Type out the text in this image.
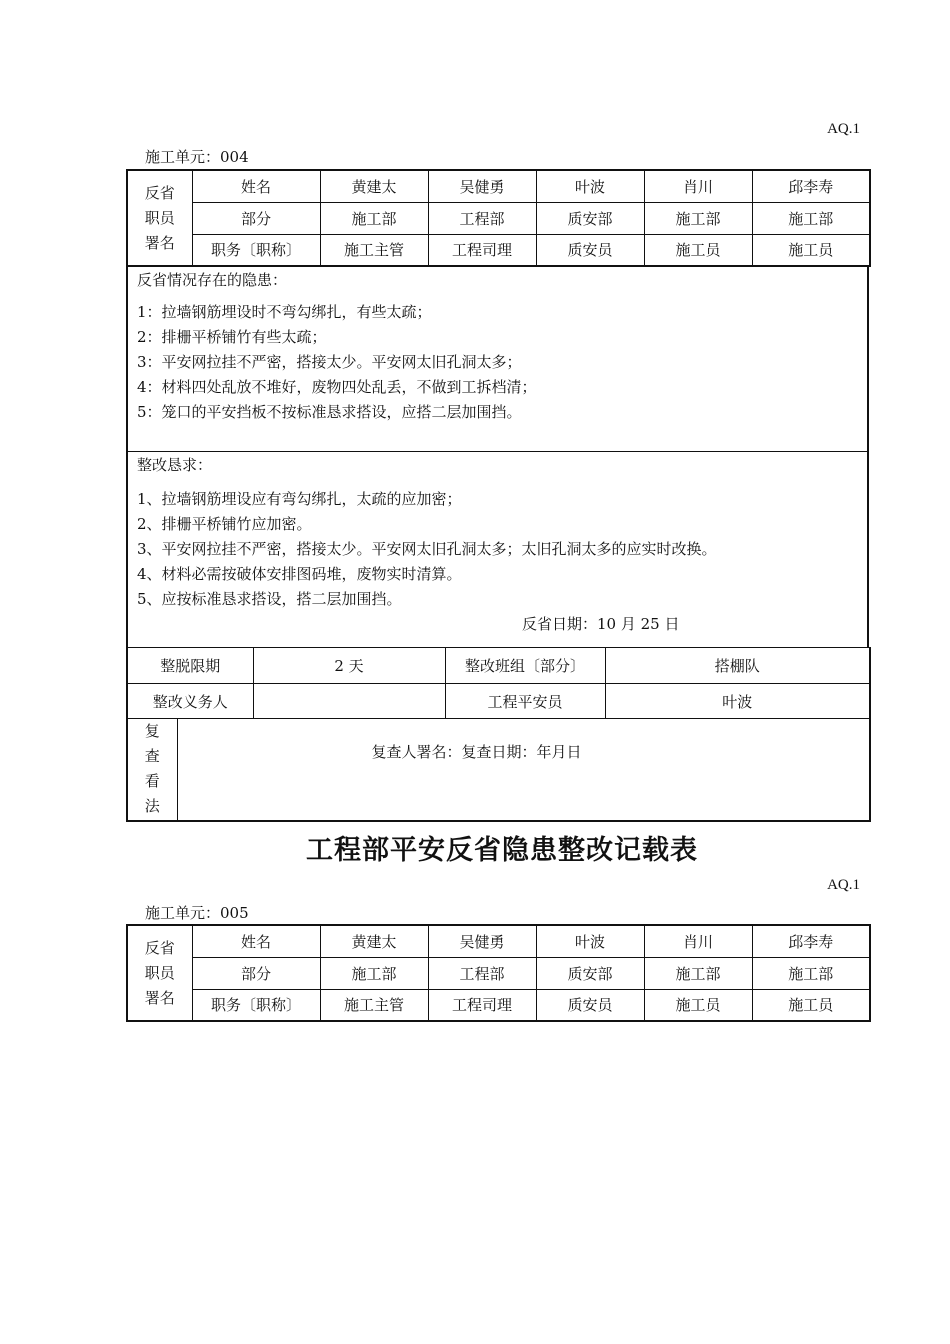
AQ.1
施工单元：004
反省
职员
署名	姓名	黄建太	吴健勇	叶波	肖川	邱李寿
	部分	施工部	工程部	质安部	施工部	施工部
	职务〔职称〕	施工主管	工程司理	质安员	施工员	施工员

反省情况存在的隐患：

1：拉墙钢筋埋设时不弯勾绑扎，有些太疏；

2：排栅平桥铺竹有些太疏；

3：平安网拉挂不严密，搭接太少。平安网太旧孔洞太多；

4：材料四处乱放不堆好，废物四处乱丢，不做到工拆档清；

5：笼口的平安挡板不按标准恳求搭设，应搭二层加围挡。

整改恳求：

1、拉墙钢筋埋设应有弯勾绑扎，太疏的应加密；

2、排栅平桥铺竹应加密。

3、平安网拉挂不严密，搭接太少。平安网太旧孔洞太多；太旧孔洞太多的应实时改换。

4、材料必需按破体安排图码堆，废物实时清算。

5、应按标准恳求搭设，搭二层加围挡。

反省日期：10 月 25 日

整脱限期	2 天	整改班组〔部分〕	搭棚队
整改义务人		工程平安员	叶波
复
查
看
法

复查人署名：复查日期：年月日
工程部平安反省隐患整改记载表
AQ.1
施工单元：005
反省
职员
署名	姓名	黄建太	吴健勇	叶波	肖川	邱李寿
	部分	施工部	工程部	质安部	施工部	施工部
	职务〔职称〕	施工主管	工程司理	质安员	施工员	施工员
